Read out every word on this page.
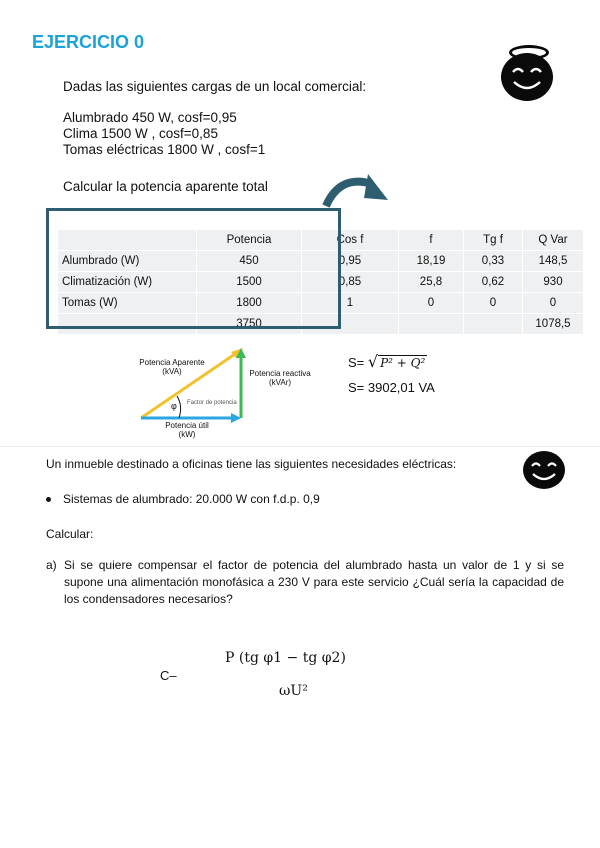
EJERCICIO 0
Dadas las siguientes cargas de un local comercial:
Alumbrado 450 W, cosf=0,95
Clima 1500 W , cosf=0,85
Tomas eléctricas 1800 W , cosf=1
Calcular la potencia aparente total
	Potencia	Cos f	f	Tg f	Q Var
Alumbrado (W)	450	0,95	18,19	0,33	148,5
Climatización (W)	1500	0,85	25,8	0,62	930
Tomas (W)	1800	1	0	0	0
	3750				1078,5
Potencia Aparente
(kVA)	Potencia reactiva
(kVAr)
Factor de potencia
φ
Potencia útil
(kW)
S= √ P² + Q²
S= 3902,01 VA
Un inmueble destinado a oficinas tiene las siguientes necesidades eléctricas:
Sistemas de alumbrado: 20.000 W con f.d.p. 0,9
Calcular:
a) Si se quiere compensar el factor de potencia del alumbrado hasta un valor de 1 y si se supone una alimentación monofásica a 230 V para este servicio ¿Cuál sería la capacidad de los condensadores necesarios?
C–
P (tg φ1 − tg φ2)
ωU²
